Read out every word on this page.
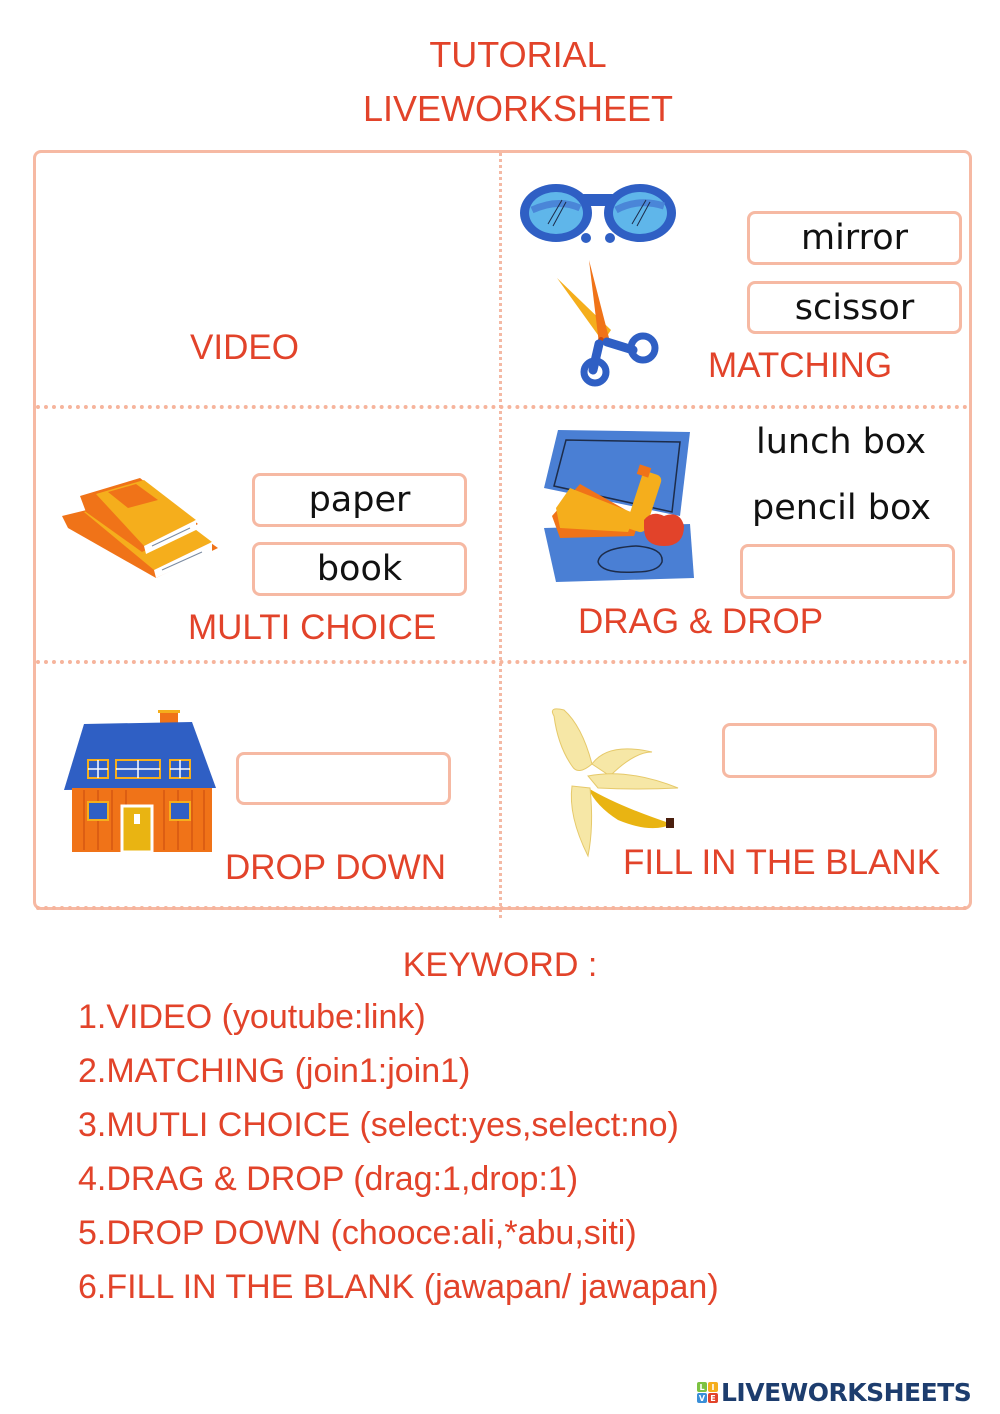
TUTORIAL
LIVEWORKSHEET
VIDEO
mirror
scissor
MATCHING
paper
book
MULTI CHOICE
lunch box
pencil box
DRAG & DROP
DROP DOWN	FILL IN THE BLANK
KEYWORD :
1.VIDEO (youtube:link)
2.MATCHING (join1:join1)
3.MUTLI CHOICE (select:yes,select:no)
4.DRAG & DROP (drag:1,drop:1)
5.DROP DOWN (chooce:ali,*abu,siti)
6.FILL IN THE BLANK (jawapan/ jawapan)
L I
V E LIVEWORKSHEETS
